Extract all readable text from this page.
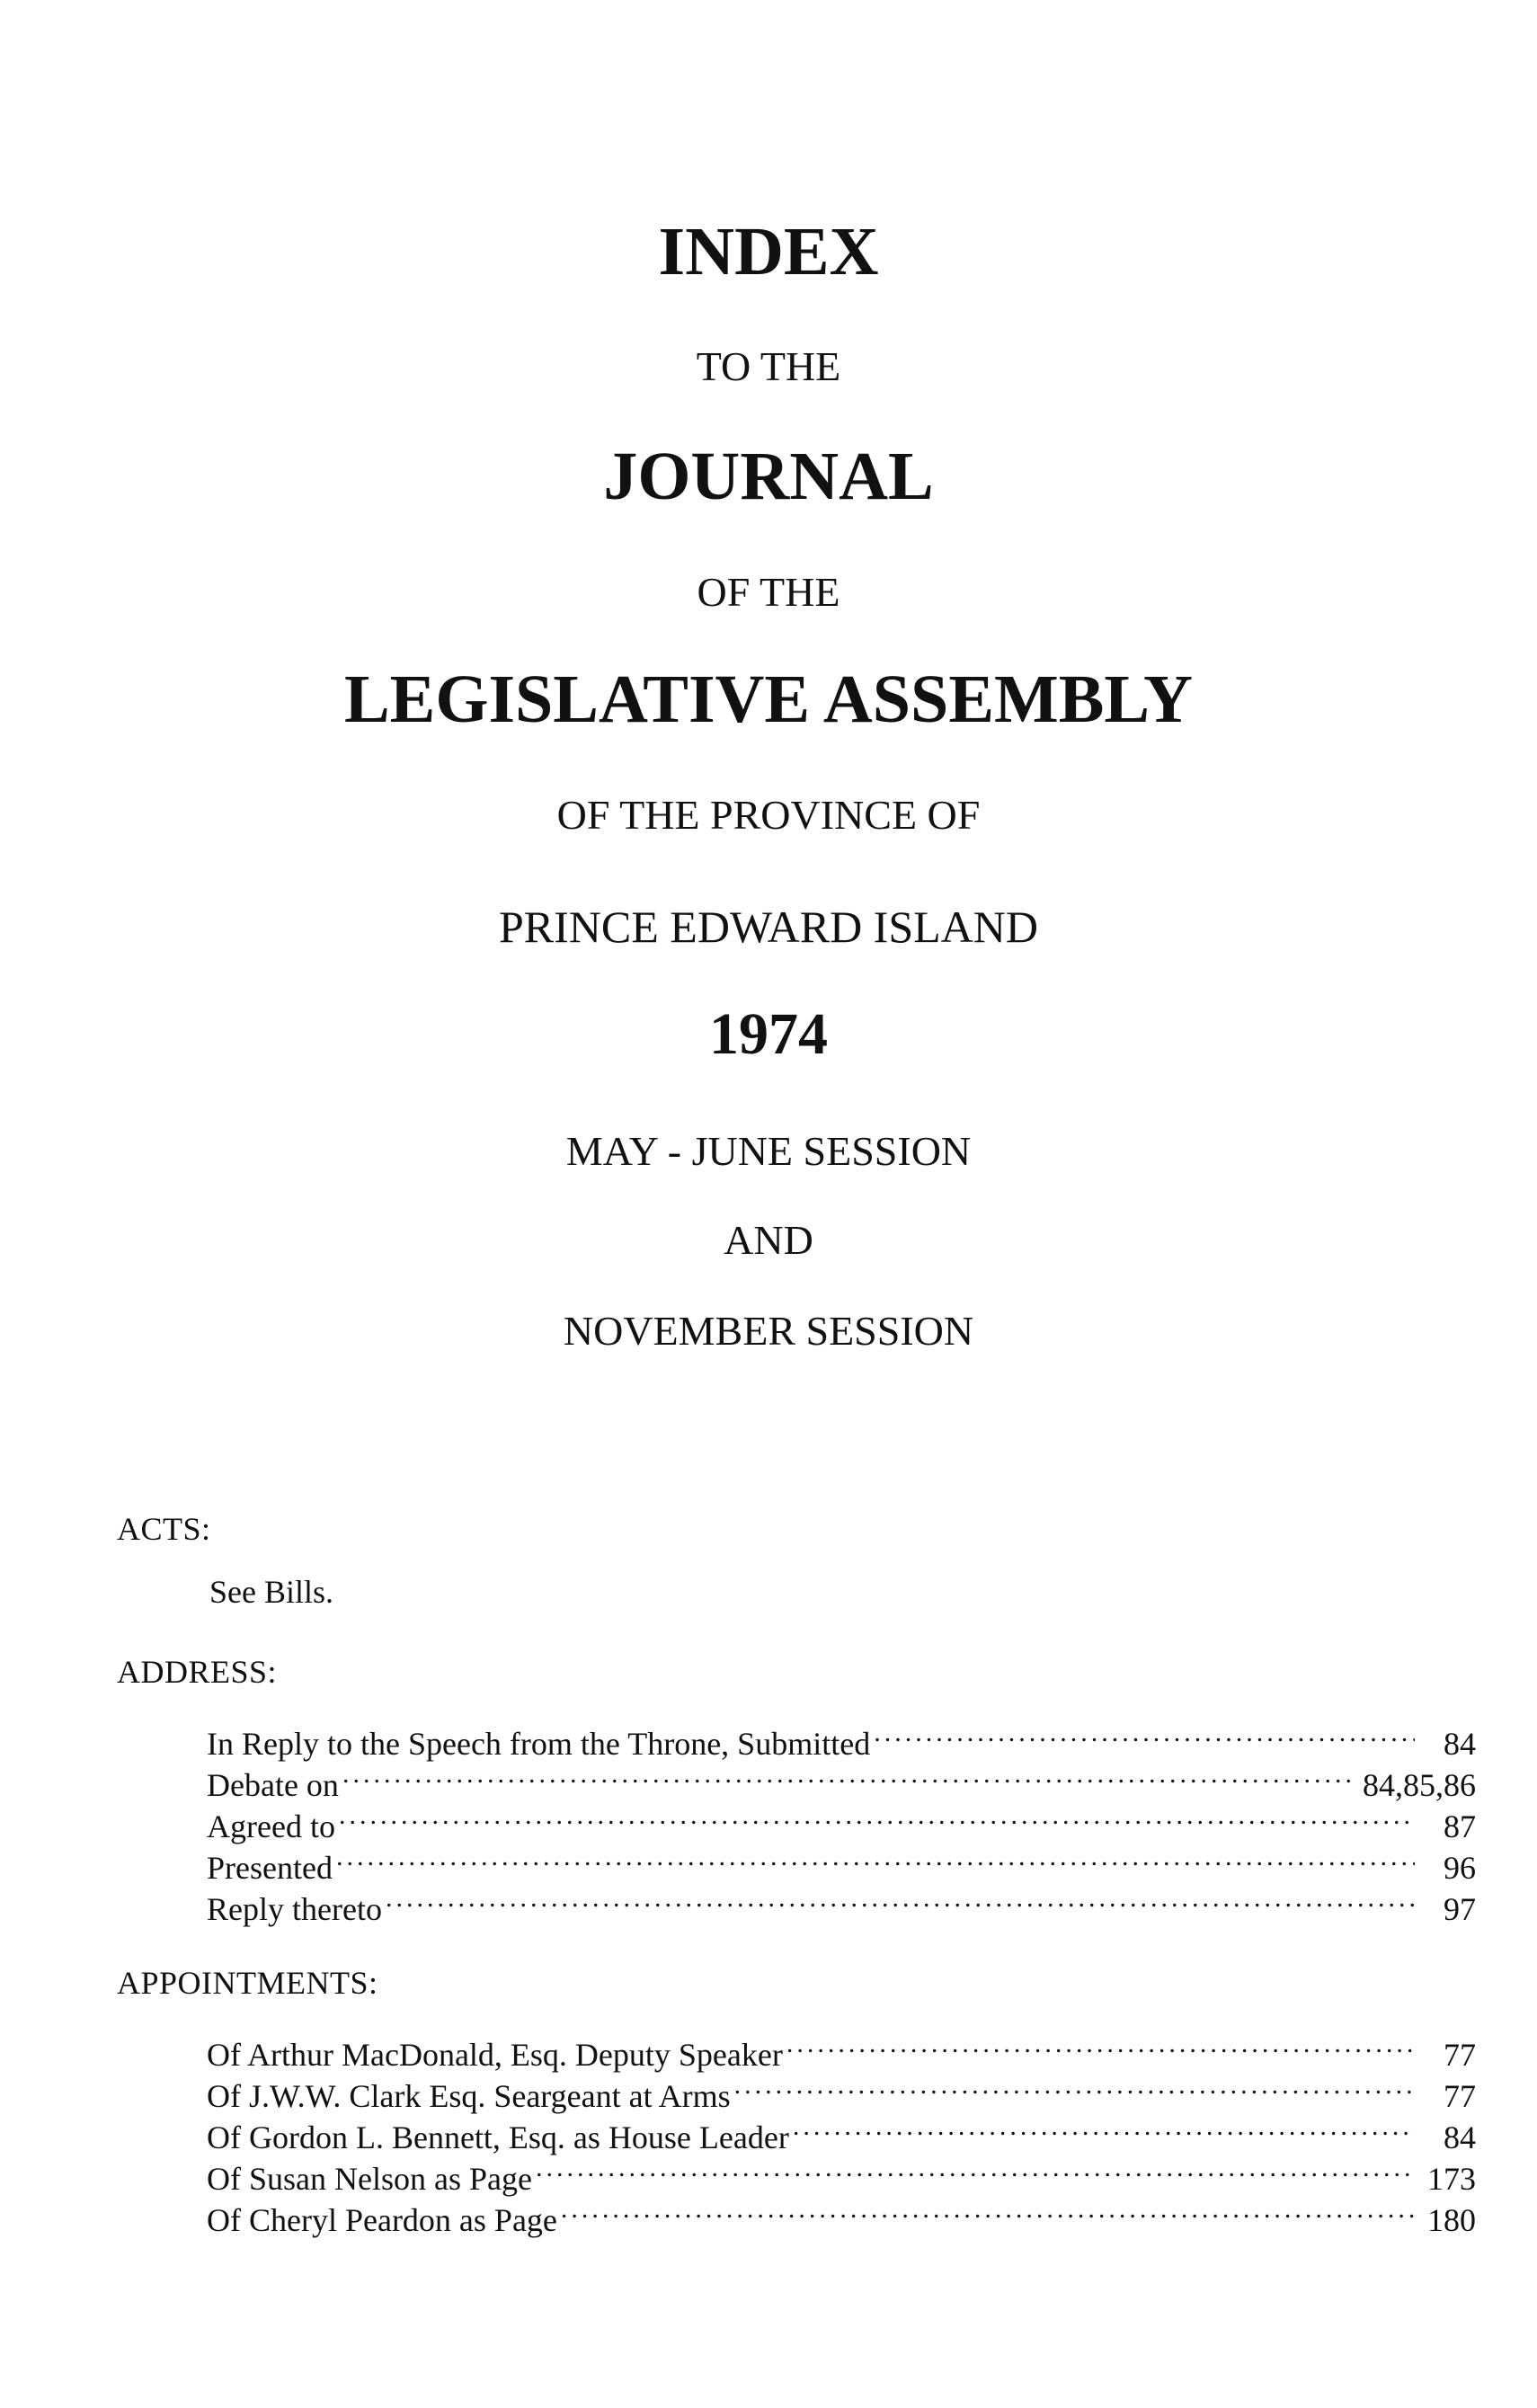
INDEX
TO THE
JOURNAL
OF THE
LEGISLATIVE ASSEMBLY
OF THE PROVINCE OF
PRINCE EDWARD ISLAND
1974
MAY - JUNE SESSION
AND
NOVEMBER SESSION
ACTS:
See Bills.
ADDRESS:
In Reply to the Speech from the Throne, Submitted .....	84
Debate on .....	84,85,86
Agreed to .....	87
Presented .....	96
Reply thereto .....	97
APPOINTMENTS:
Of Arthur MacDonald, Esq. Deputy Speaker .....	77
Of J.W.W. Clark Esq. Seargeant at Arms .....	77
Of Gordon L. Bennett, Esq. as House Leader .....	84
Of Susan Nelson as Page .....	173
Of Cheryl Peardon as Page .....	180
